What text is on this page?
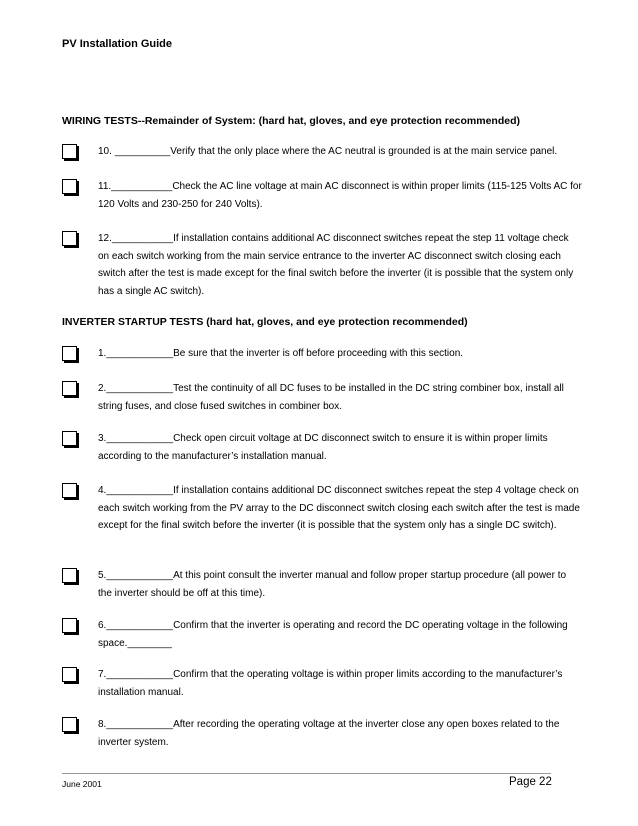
PV Installation Guide
WIRING TESTS--Remainder of System: (hard hat, gloves, and eye protection recommended)
10. __________Verify that the only place where the AC neutral is grounded is at the main service panel.
11.___________Check the AC line voltage at main AC disconnect is within proper limits (115-125 Volts AC for 120 Volts and 230-250 for 240 Volts).
12.___________If installation contains additional AC disconnect switches repeat the step 11 voltage check on each switch working from the main service entrance to the inverter AC disconnect switch closing each switch after the test is made except for the final switch before the inverter (it is possible that the system only has a single AC switch).
INVERTER STARTUP TESTS (hard hat, gloves, and eye protection recommended)
1.____________Be sure that the inverter is off before proceeding with this section.
2.____________Test the continuity of all DC fuses to be installed in the DC string combiner box, install all string fuses, and close fused switches in combiner box.
3.____________Check open circuit voltage at DC disconnect switch to ensure it is within proper limits according to the manufacturer’s installation manual.
4.____________If installation contains additional DC disconnect switches repeat the step 4 voltage check on each switch working from the PV array to the DC disconnect switch closing each switch after the test is made except for the final switch before the inverter (it is possible that the system only has a single DC switch).
5.____________At this point consult the inverter manual and follow proper startup procedure (all power to the inverter should be off at this time).
6.____________Confirm that the inverter is operating and record the DC operating voltage in the following space.________
7.____________Confirm that the operating voltage is within proper limits according to the manufacturer’s installation manual.
8.____________After recording the operating voltage at the inverter close any open boxes related to the inverter system.
June 2001	Page 22
